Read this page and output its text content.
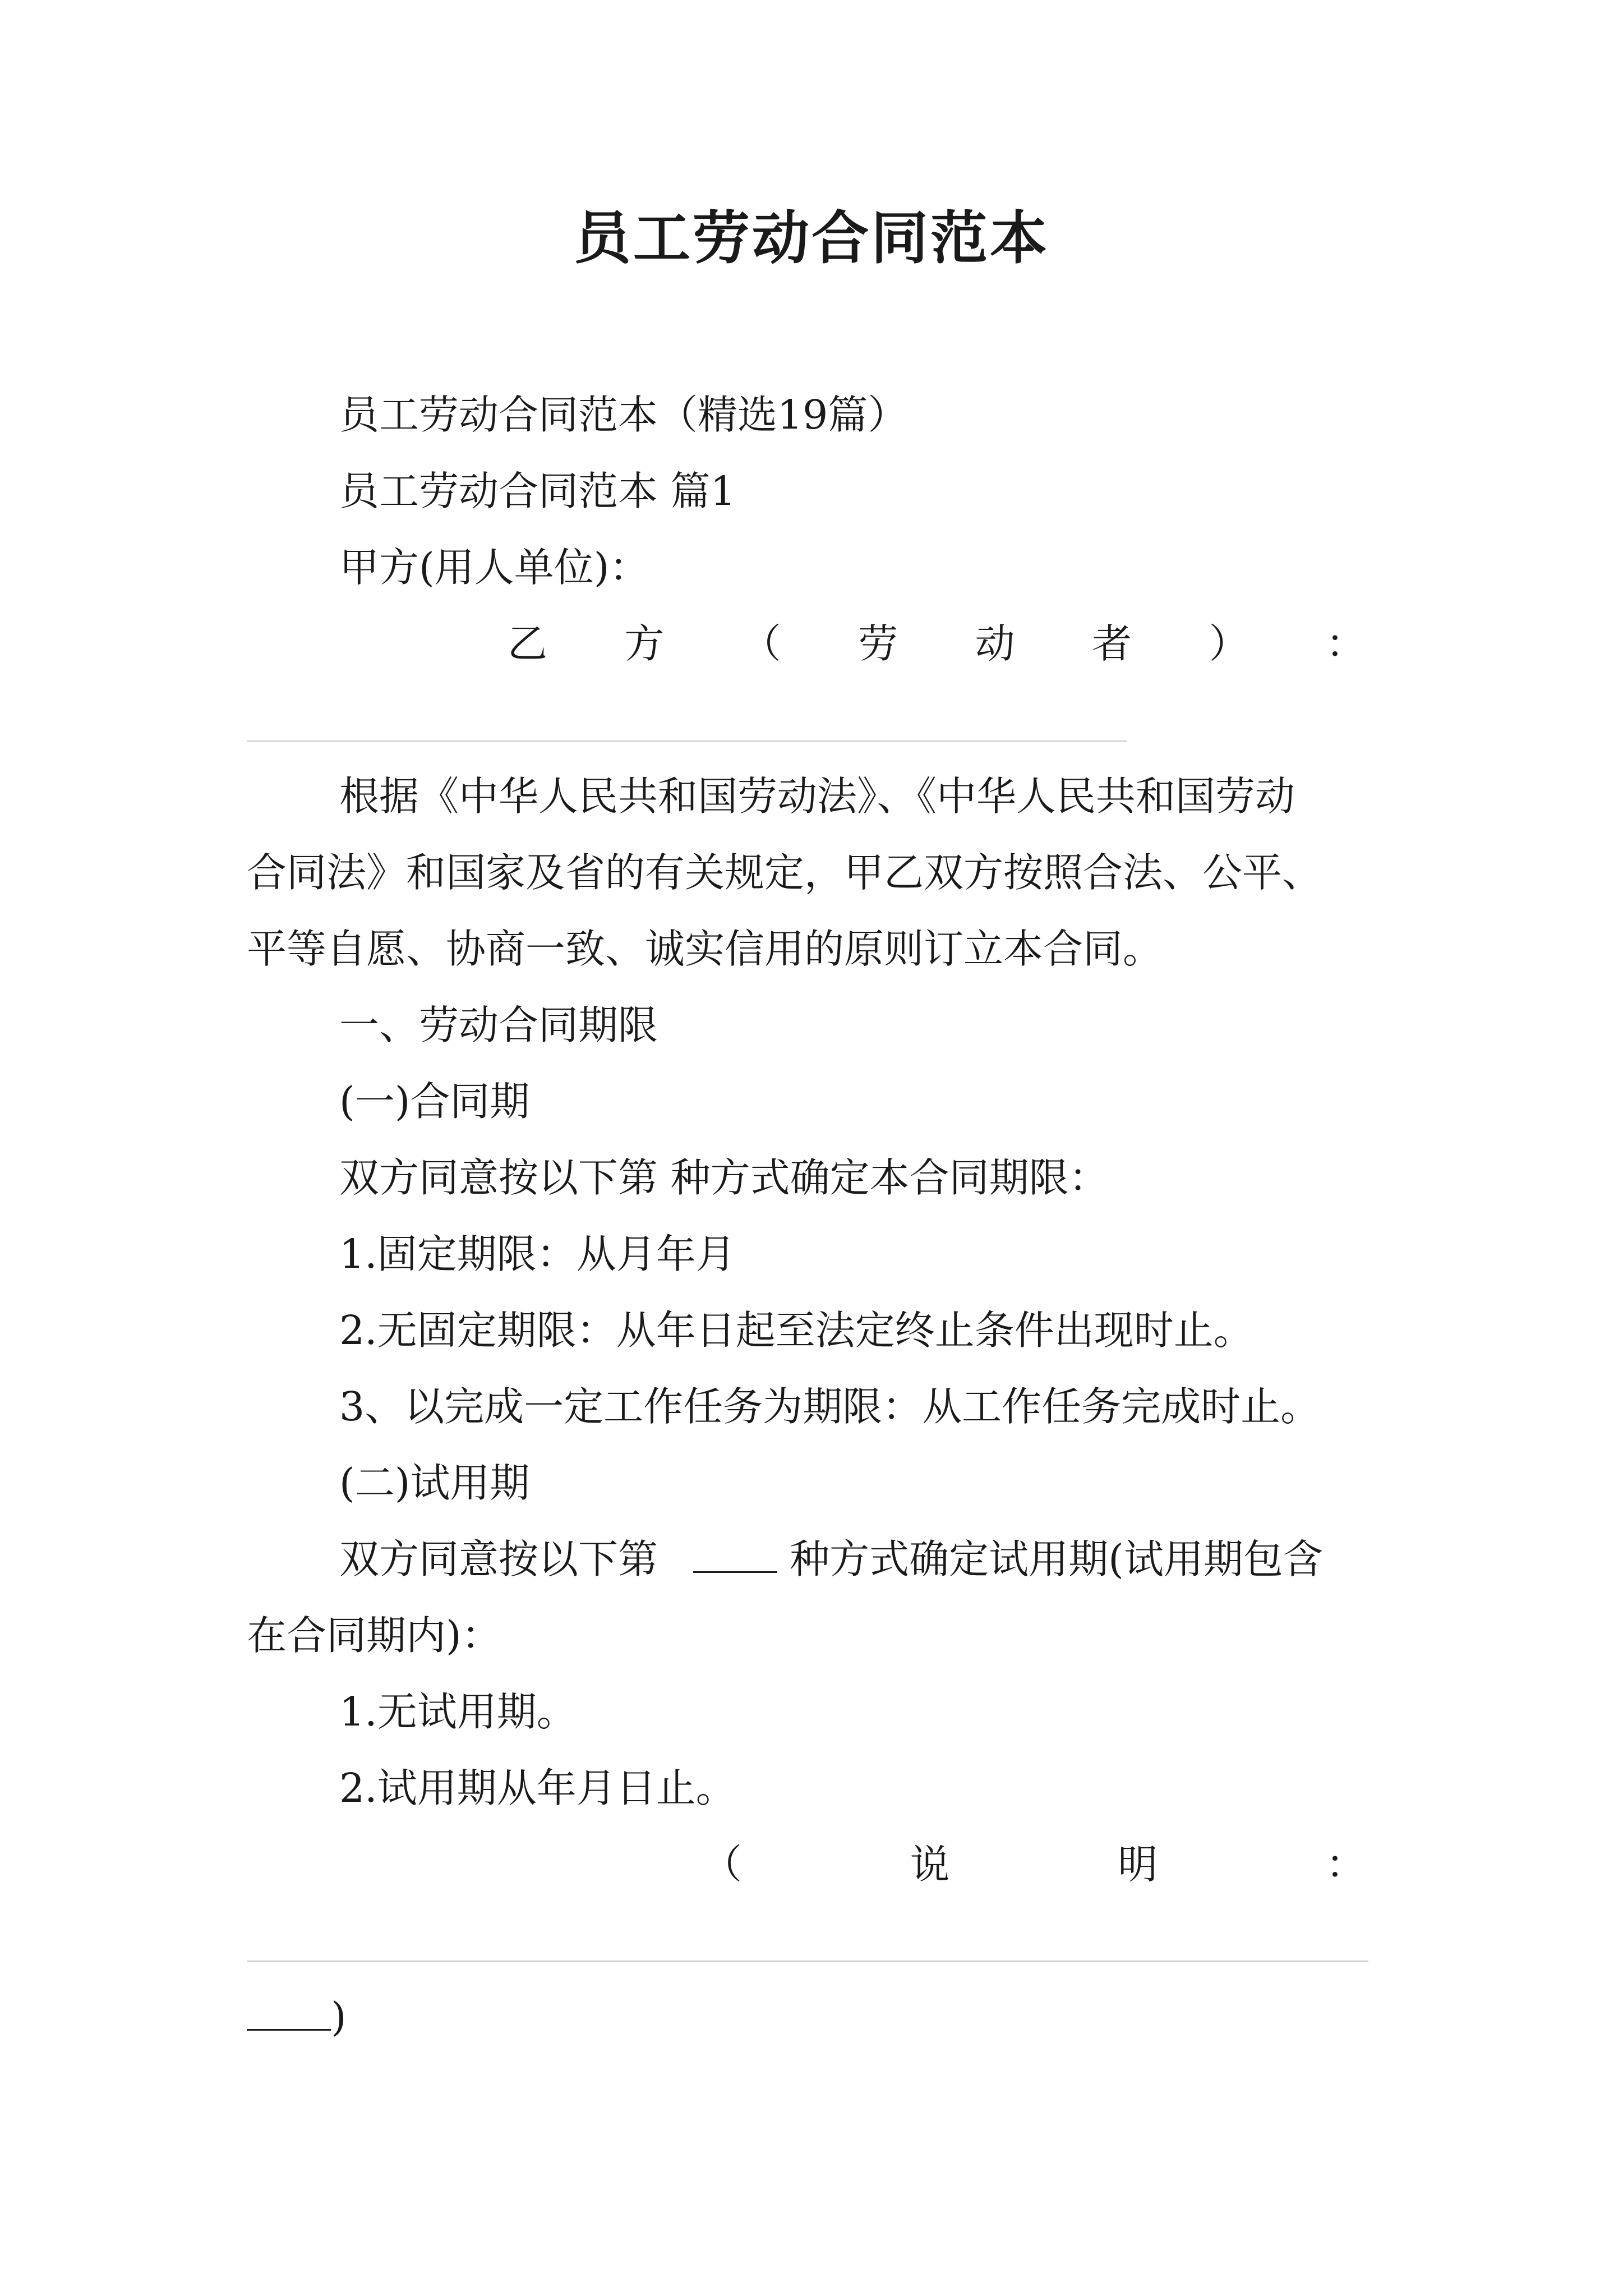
员工劳动合同范本
员工劳动合同范本（精选19篇）
员工劳动合同范本 篇1
甲方(用人单位)：
乙 方 （ 劳 动 者 ） ：
根据《中华人民共和国劳动法》、《中华人民共和国劳动
合同法》和国家及省的有关规定，甲乙双方按照合法、公平、
平等自愿、协商一致、诚实信用的原则订立本合同。
一、劳动合同期限
(一)合同期
双方同意按以下第 种方式确定本合同期限：
1.固定期限：从月年月
2.无固定期限：从年日起至法定终止条件出现时止。
3、以完成一定工作任务为期限：从工作任务完成时止。
(二)试用期
双方同意按以下第	种方式确定试用期(试用期包含
在合同期内)：
1.无试用期。
2.试用期从年月日止。
（	说	明	：
)
